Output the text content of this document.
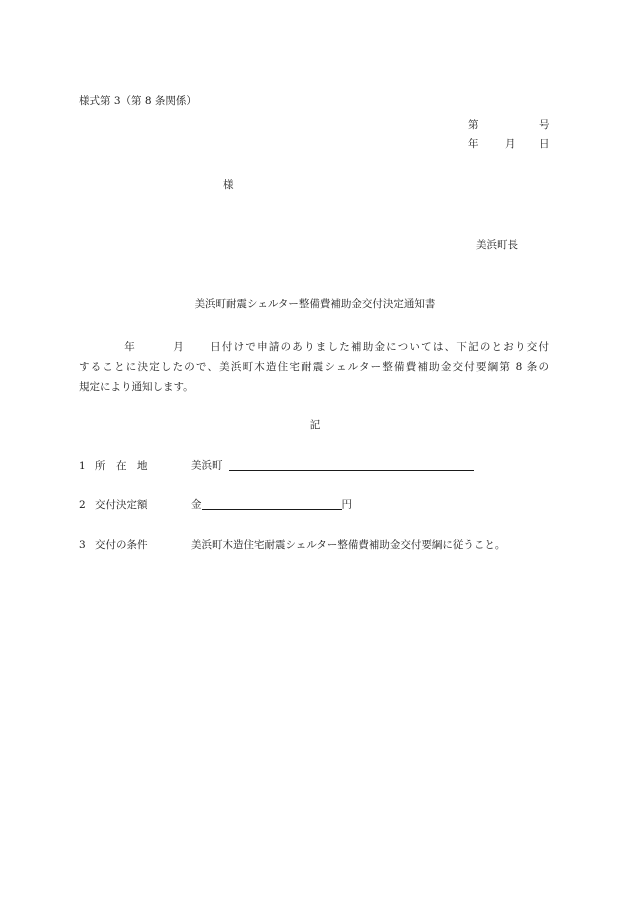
様式第 3（第 8 条関係）
第	号
年	月 日
様
美浜町長
美浜町耐震シェルター整備費補助金交付決定通知書
年	月 日付けで申請のありました補助金については、下記のとおり交付
することに決定したので、美浜町木造住宅耐震シェルター整備費補助金交付要綱第 8 条の
規定により通知します。
記
1 所　在　地	美浜町
2 交付決定額	金	円
3 交付の条件	美浜町木造住宅耐震シェルター整備費補助金交付要綱に従うこと。
